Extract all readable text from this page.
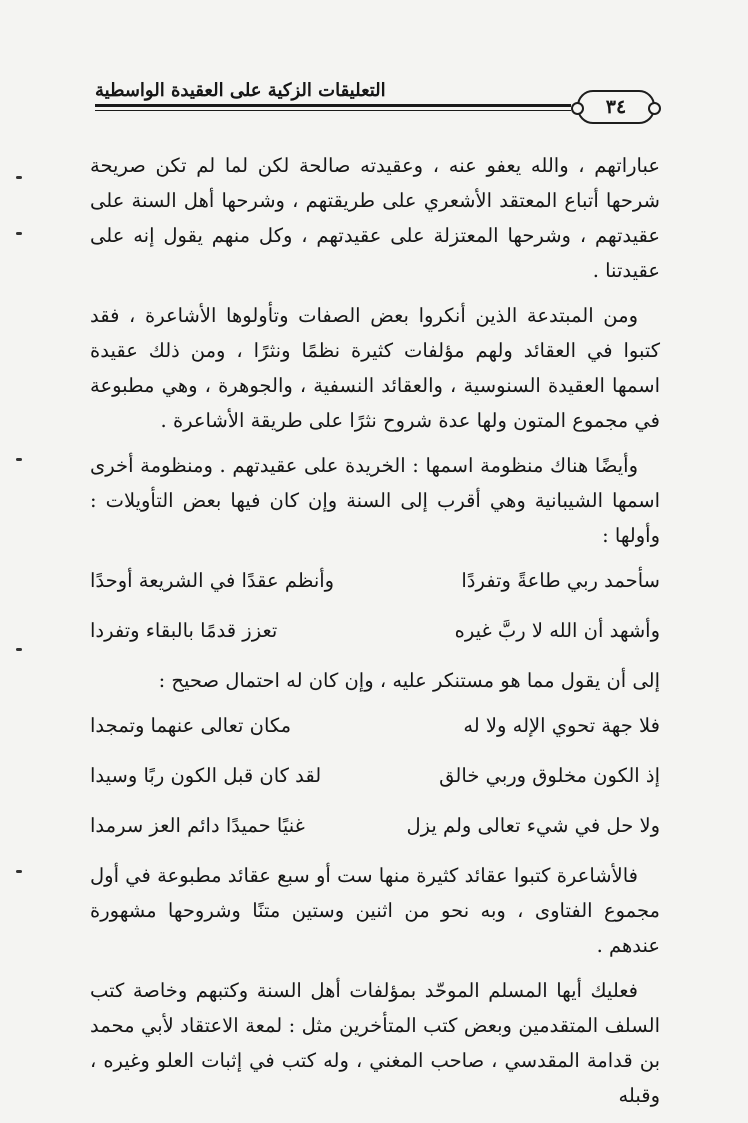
٣٤
التعليقات الزكية على العقيدة الواسطية

عباراتهم ، والله يعفو عنه ، وعقيدته صالحة لكن لما لم تكن صريحة شرحها أتباع المعتقد الأشعري على طريقتهم ، وشرحها أهل السنة على عقيدتهم ، وشرحها المعتزلة على عقيدتهم ، وكل منهم يقول إنه على عقيدتنا .

ومن المبتدعة الذين أنكروا بعض الصفات وتأولوها الأشاعرة ، فقد كتبوا في العقائد ولهم مؤلفات كثيرة نظمًا ونثرًا ، ومن ذلك عقيدة اسمها العقيدة السنوسية ، والعقائد النسفية ، والجوهرة ، وهي مطبوعة في مجموع المتون ولها عدة شروح نثرًا على طريقة الأشاعرة .

وأيضًا هناك منظومة اسمها : الخريدة على عقيدتهم . ومنظومة أخرى اسمها الشيبانية وهي أقرب إلى السنة وإن كان فيها بعض التأويلات : وأولها :

سأحمد ربي طاعةً وتفردًا
وأنظم عقدًا في الشريعة أوحدًا
وأشهد أن الله لا ربَّ غيره
تعزز قدمًا بالبقاء وتفردا

إلى أن يقول مما هو مستنكر عليه ، وإن كان له احتمال صحيح :

فلا جهة تحوي الإله ولا له
مكان تعالى عنهما وتمجدا
إذ الكون مخلوق وربي خالق
لقد كان قبل الكون ربًا وسيدا
ولا حل في شيء تعالى ولم يزل
غنيًا حميدًا دائم العز سرمدا

فالأشاعرة كتبوا عقائد كثيرة منها ست أو سبع عقائد مطبوعة في أول مجموع الفتاوى ، وبه نحو من اثنين وستين متنًا وشروحها مشهورة عندهم .

فعليك أيها المسلم الموحّد بمؤلفات أهل السنة وكتبهم وخاصة كتب السلف المتقدمين وبعض كتب المتأخرين مثل : لمعة الاعتقاد لأبي محمد بن قدامة المقدسي ، صاحب المغني ، وله كتب في إثبات العلو وغيره ، وقبله
